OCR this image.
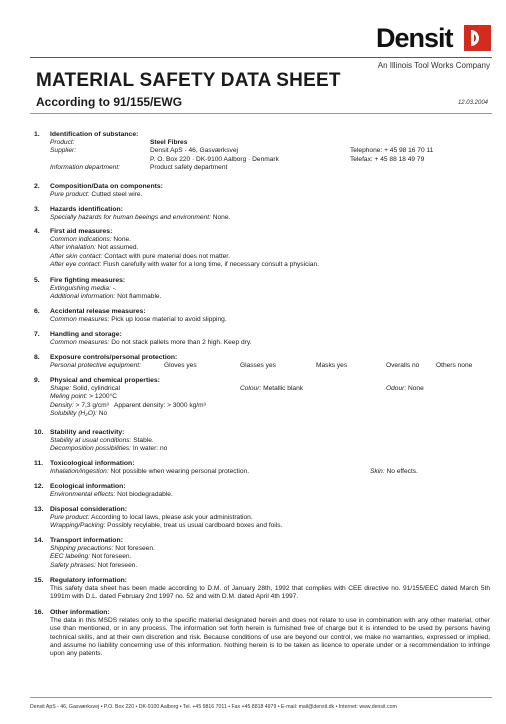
Densit
An Illinois Tool Works Company
MATERIAL SAFETY DATA SHEET
According to 91/155/EWG	12.03.2004
1.	Identification of substance:
Product:	Steel Fibres
Supplier:	Densit ApS - 46, Gasværksvej	Telephone: + 45 98 16 70 11
P. O. Box 220 · DK-9100 Aalborg · Denmark	Telefax: + 45 88 18 49 79
Information department:	Product safety department
2.	Composition/Data on components:
Pure product: Cutted steel wire.
3.	Hazards identification:
Specially hazards for human beeings and environment: None.
4.	First aid measures:
Common indications: None.
After inhalation: Not assumed.
After skin contact: Contact with pure material does not matter.
After eye contact: Flush carefully with water for a long time, if necessary consult a physician.
5.	Fire fighting measures:
Extinguishing media: -.
Additional information: Not flammable.
6.	Accidental release measures:
Common measures: Pick up loose material to avoid slipping.
7.	Handling and storage:
Common measures: Do not stack pallets more than 2 high. Keep dry.
8.	Exposure controls/personal protection:
Personal protective equipment:	Gloves yes	Glasses yes	Masks yes	Overalls no	Others none
9.	Physical and chemical properties:
Shape: Solid, cylindrical	Colour: Metallic blank	Odour: None
Meling point: > 1200°C
Density: > 7,3 g/cm³ Apparent density: > 3000 kg/m³
Solubility (H₂O): No
10. Stability and reactivity:
Stability at usual conditions: Stable.
Decomposition possibilities: In water: no
11.	Toxicological information:
Inhalation/ingestion: Not possible when wearing personal protection.	Skin: No effects.
12. Ecological information:
Environmental effects: Not biodegradable.
13. Disposal consideration:
Pure product: According to local laws, please ask your administration.
Wrapping/Packing: Possibly recylable, treat us usual cardboard boxes and foils.
14. Transport information:
Shipping precautions: Not foreseen.
EEC labeling: Not foreseen.
Safety phrases: Not foreseen.
15. Regulatory information:
This safety data sheet has been made according to D.M. of January 28th, 1992 that complies with CEE directive no. 91/155/EEC dated March 5th 1991m with D.L. dated February 2nd 1997 no. 52 and with D.M. dated April 4th 1997.
16. Other information:
The data in this MSDS relates only to the specific material designated herein and does not relate to use in combination with any other material, other use than mentioned, or in any process. The information set forth herein is furnished free of charge but it is intended to be used by persons having technical skills, and at their own discretion and risk. Because conditions of use are beyond our control, we make no warranties, expressed or implied, and assume no liability concerning use of this information. Nothing herein is to be taken as licence to operate under or a recommendation to infringe upon any patents.
Densit ApS - 46, Gasværksvej • P.O. Box 220 • DK-9100 Aalborg • Tel. +45 9816 7011 • Fax +45 8818 4979 • E-mail: mail@densit.dk • Internet: www.densit.com
